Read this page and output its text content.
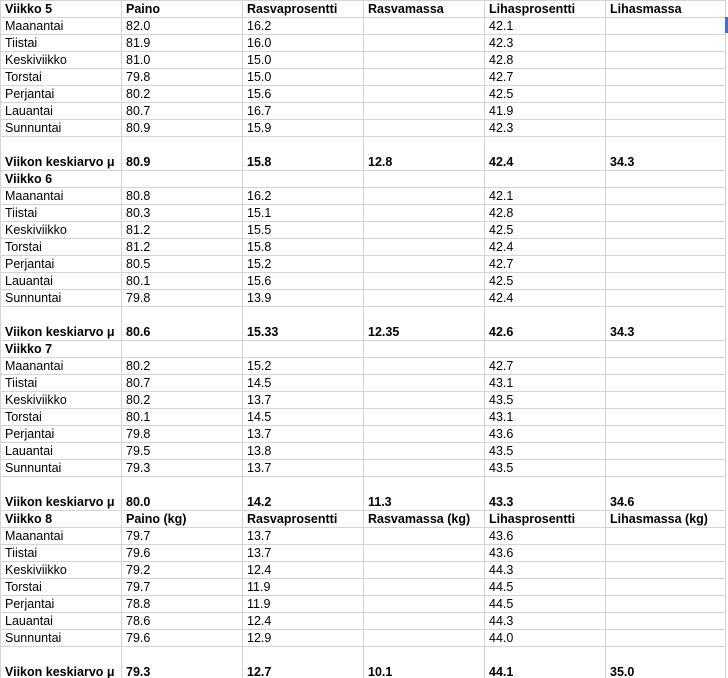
Viikko 5	Paino	Rasvaprosentti	Rasvamassa	Lihasprosentti	Lihasmassa
Maanantai	82.0	16.2		42.1	
Tiistai	81.9	16.0		42.3	
Keskiviikko	81.0	15.0		42.8	
Torstai	79.8	15.0		42.7	
Perjantai	80.2	15.6		42.5	
Lauantai	80.7	16.7		41.9	
Sunnuntai	80.9	15.9		42.3	
Viikon keskiarvo μ	80.9	15.8	12.8	42.4	34.3
Viikko 6					
Maanantai	80.8	16.2		42.1	
Tiistai	80.3	15.1		42.8	
Keskiviikko	81.2	15.5		42.5	
Torstai	81.2	15.8		42.4	
Perjantai	80.5	15.2		42.7	
Lauantai	80.1	15.6		42.5	
Sunnuntai	79.8	13.9		42.4	
Viikon keskiarvo μ	80.6	15.33	12.35	42.6	34.3
Viikko 7					
Maanantai	80.2	15.2		42.7	
Tiistai	80.7	14.5		43.1	
Keskiviikko	80.2	13.7		43.5	
Torstai	80.1	14.5		43.1	
Perjantai	79.8	13.7		43.6	
Lauantai	79.5	13.8		43.5	
Sunnuntai	79.3	13.7		43.5	
Viikon keskiarvo μ	80.0	14.2	11.3	43.3	34.6
Viikko 8	Paino (kg)	Rasvaprosentti	Rasvamassa (kg)	Lihasprosentti	Lihasmassa (kg)
Maanantai	79.7	13.7		43.6	
Tiistai	79.6	13.7		43.6	
Keskiviikko	79.2	12.4		44.3	
Torstai	79.7	11.9		44.5	
Perjantai	78.8	11.9		44.5	
Lauantai	78.6	12.4		44.3	
Sunnuntai	79.6	12.9		44.0	
Viikon keskiarvo μ	79.3	12.7	10.1	44.1	35.0
